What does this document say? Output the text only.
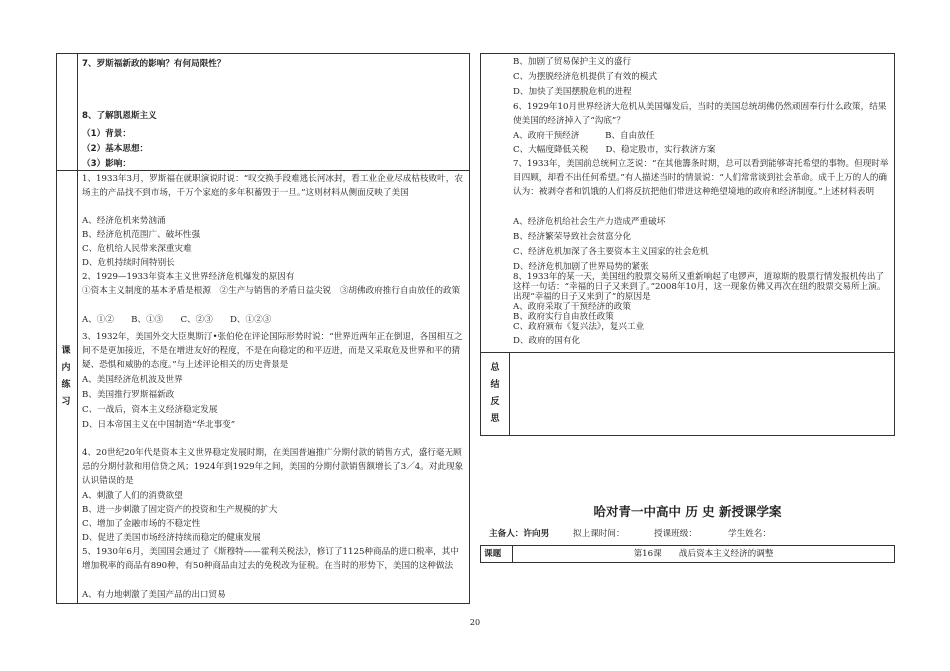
7、罗斯福新政的影响？有何局限性？
8、了解凯恩斯主义
（1）背景：
（2）基本思想：
（3）影响：
课 内 练 习
1、1933年3月，罗斯福在就职演说时说：“叹交换手段难逃长河冰封，看工业企业尽成枯枝败叶，农场主的产品找不到市场，千万个家庭的多年积蓄毁于一旦。”这则材料从侧面反映了美国
A、经济危机来势汹涌
B、经济危机范围广、破坏性强
C、危机给人民带来深重灾难
D、危机持续时间特别长
2、1929—1933年资本主义世界经济危机爆发的原因有
①资本主义制度的基本矛盾是根源　②生产与销售的矛盾日益尖锐　③胡佛政府推行自由放任的政策
A、①②　　B、①③　　C、②③　　D、①②③
3、1932年，美国外交大臣奥斯汀•张伯伦在评论国际形势时说：“世界近两年正在倒退，各国相互之间不是更加接近，不是在增进友好的程度，不是在向稳定的和平迈进，而是又采取危及世界和平的猜疑、恐惧和威胁的态度。”与上述评论相关的历史背景是
A、美国经济危机波及世界
B、美国推行罗斯福新政
C、一战后，资本主义经济稳定发展
D、日本帝国主义在中国制造“华北事变”
4、20世纪20年代是资本主义世界稳定发展时期，在美国普遍推广分期付款的销售方式，盛行毫无顾忌的分期付款和用信贷之风；1924年到1929年之间，美国的分期付款销售额增长了3／4。对此现象认识错误的是
A、刺激了人们的消费欲望
B、进一步刺激了固定资产的投资和生产规模的扩大
C、增加了金融市场的不稳定性
D、促进了美国市场经济持续而稳定的健康发展
5、1930年6月，美国国会通过了《斯穆特——霍利关税法》，修订了1125种商品的进口税率，其中增加税率的商品有890种，有50种商品由过去的免税改为征税。在当时的形势下，美国的这种做法
A、有力地刺激了美国产品的出口贸易
B、加剧了贸易保护主义的盛行
C、为摆脱经济危机提供了有效的模式
D、加快了美国摆脱危机的进程
6、1929年10月世界经济大危机从美国爆发后，当时的美国总统胡佛仍然顽固奉行什么政策，结果使美国的经济掉入了“沟底”？
A、政府干预经济　　　B、自由放任
C、大幅度降低关税　　D、稳定股市，实行救济方案
7、1933年，美国前总统柯立芝说：“在其他籌条时期，总可以看到能够寄托希望的事物。但现时举目四顾，却看不出任何希望。”有人描述当时的情景说：“人们常常谈到社会革命。成千上万的人的确认为：被剥夺者和饥饿的人们将反抗把他们带进这种绝望境地的政府和经济制度。”上述材料表明
A、经济危机给社会生产力造成严重破坏
B、经济繁荣导致社会贫富分化
C、经济危机加深了各主要资本主义国家的社会危机
D、经济危机加剧了世界局势的紧张
8、1933年的某一天，美国纽约股票交易所又重新响起了电锣声，道琼斯的股票行情发报机传出了这样一句话：“幸福的日子又来到了。”2008年10月，这一现象仿佛又再次在纽约股票交易所上演。出现“幸福的日子又来到了”的原因是
A、政府采取了干预经济的政策
B、政府实行自由放任政策
C、政府颁布《复兴法》，复兴工业
D、政府的国有化
总 结 反 思
哈对青一中高中 历 史 新授课学案
主备人：许向男	拟上课时间：	授课班级：	学生姓名：
课题	第16课　　战后资本主义经济的调整
20
